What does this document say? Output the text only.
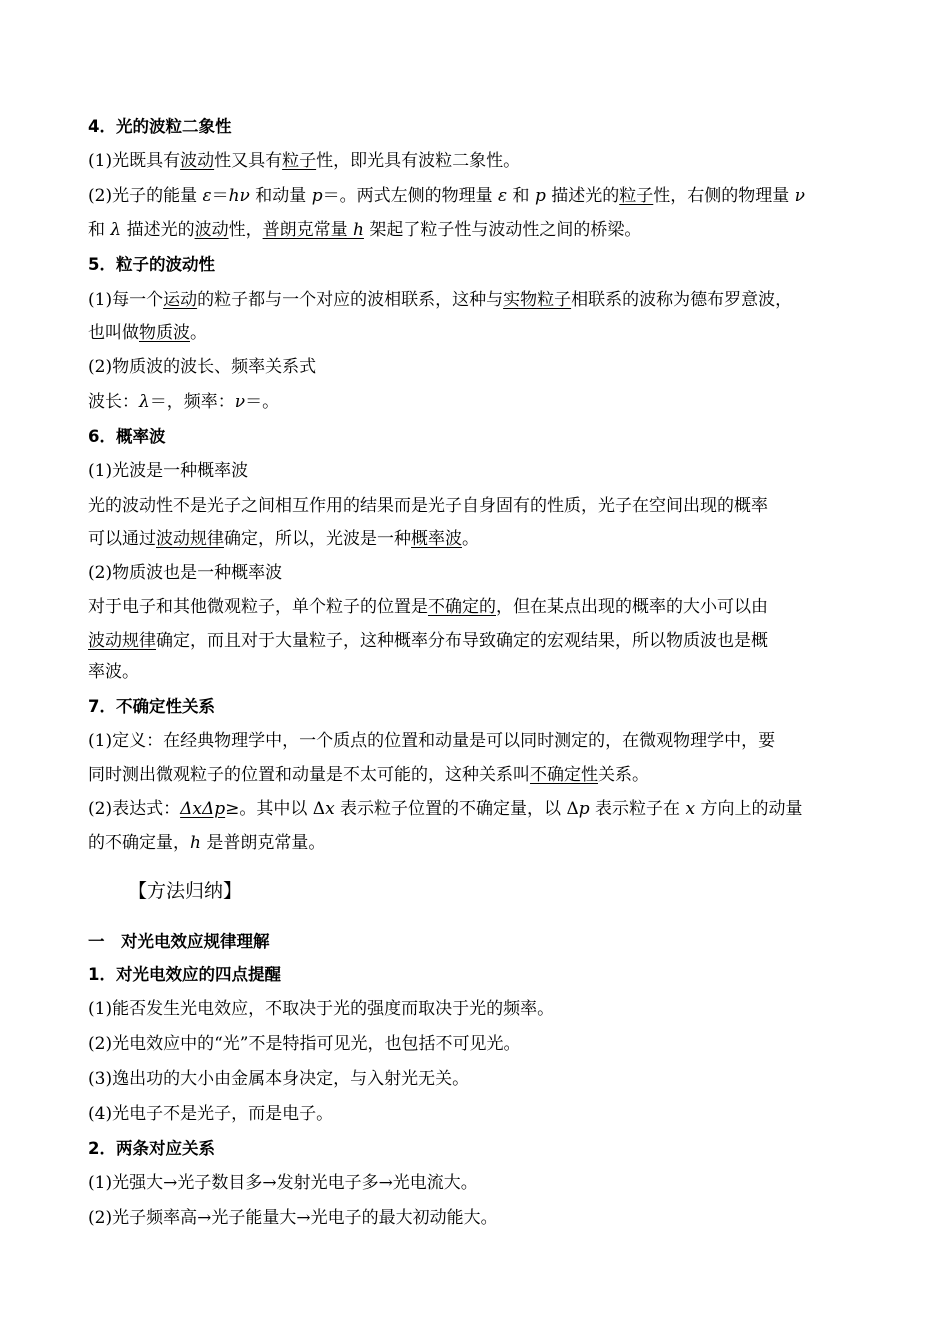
4．光的波粒二象性
(1)光既具有波动性又具有粒子性，即光具有波粒二象性。
(2)光子的能量 ε＝hν 和动量 p＝。两式左侧的物理量 ε 和 p 描述光的粒子性，右侧的物理量 ν
和 λ 描述光的波动性，普朗克常量 h 架起了粒子性与波动性之间的桥梁。
5．粒子的波动性
(1)每一个运动的粒子都与一个对应的波相联系，这种与实物粒子相联系的波称为德布罗意波，
也叫做物质波。
(2)物质波的波长、频率关系式
波长：λ＝，频率：ν＝。
6．概率波
(1)光波是一种概率波
光的波动性不是光子之间相互作用的结果而是光子自身固有的性质，光子在空间出现的概率
可以通过波动规律确定，所以，光波是一种概率波。
(2)物质波也是一种概率波
对于电子和其他微观粒子，单个粒子的位置是不确定的，但在某点出现的概率的大小可以由
波动规律确定，而且对于大量粒子，这种概率分布导致确定的宏观结果，所以物质波也是概
率波。
7．不确定性关系
(1)定义：在经典物理学中，一个质点的位置和动量是可以同时测定的，在微观物理学中，要
同时测出微观粒子的位置和动量是不太可能的，这种关系叫不确定性关系。
(2)表达式：ΔxΔp≥。其中以 Δx 表示粒子位置的不确定量，以 Δp 表示粒子在 x 方向上的动量
的不确定量，h 是普朗克常量。
【方法归纳】
一　对光电效应规律理解
1．对光电效应的四点提醒
(1)能否发生光电效应，不取决于光的强度而取决于光的频率。
(2)光电效应中的“光”不是特指可见光，也包括不可见光。
(3)逸出功的大小由金属本身决定，与入射光无关。
(4)光电子不是光子，而是电子。
2．两条对应关系
(1)光强大→光子数目多→发射光电子多→光电流大。
(2)光子频率高→光子能量大→光电子的最大初动能大。
